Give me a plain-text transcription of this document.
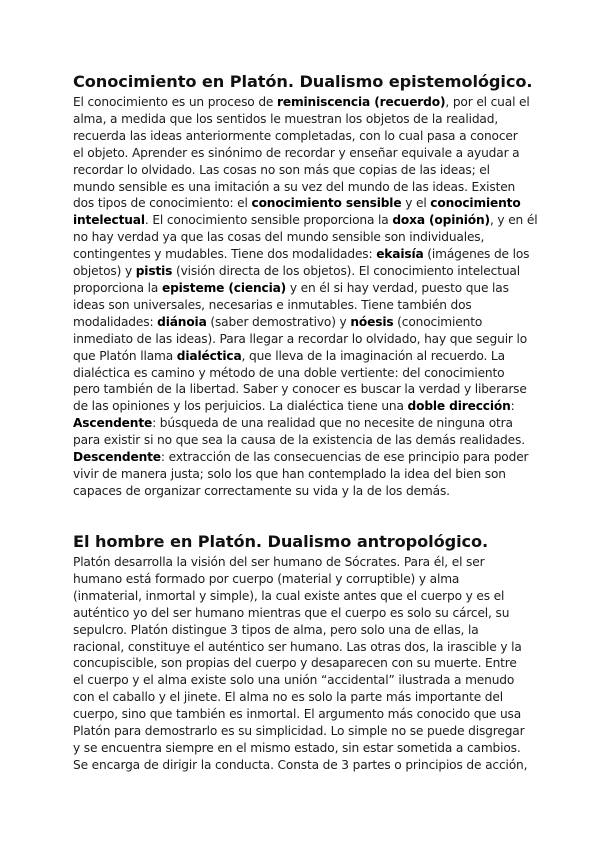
Conocimiento en Platón. Dualismo epistemológico.
El conocimiento es un proceso de reminiscencia (recuerdo), por el cual el
alma, a medida que los sentidos le muestran los objetos de la realidad,
recuerda las ideas anteriormente completadas, con lo cual pasa a conocer
el objeto. Aprender es sinónimo de recordar y enseñar equivale a ayudar a
recordar lo olvidado. Las cosas no son más que copias de las ideas; el
mundo sensible es una imitación a su vez del mundo de las ideas. Existen
dos tipos de conocimiento: el conocimiento sensible y el conocimiento
intelectual. El conocimiento sensible proporciona la doxa (opinión), y en él
no hay verdad ya que las cosas del mundo sensible son individuales,
contingentes y mudables. Tiene dos modalidades: ekaisía (imágenes de los
objetos) y pistis (visión directa de los objetos). El conocimiento intelectual
proporciona la episteme (ciencia) y en él si hay verdad, puesto que las
ideas son universales, necesarias e inmutables. Tiene también dos
modalidades: diánoia (saber demostrativo) y nóesis (conocimiento
inmediato de las ideas). Para llegar a recordar lo olvidado, hay que seguir lo
que Platón llama dialéctica, que lleva de la imaginación al recuerdo. La
dialéctica es camino y método de una doble vertiente: del conocimiento
pero también de la libertad. Saber y conocer es buscar la verdad y liberarse
de las opiniones y los perjuicios. La dialéctica tiene una doble dirección:
Ascendente: búsqueda de una realidad que no necesite de ninguna otra
para existir si no que sea la causa de la existencia de las demás realidades.
Descendente: extracción de las consecuencias de ese principio para poder
vivir de manera justa; solo los que han contemplado la idea del bien son
capaces de organizar correctamente su vida y la de los demás.
El hombre en Platón. Dualismo antropológico.
Platón desarrolla la visión del ser humano de Sócrates. Para él, el ser
humano está formado por cuerpo (material y corruptible) y alma
(inmaterial, inmortal y simple), la cual existe antes que el cuerpo y es el
auténtico yo del ser humano mientras que el cuerpo es solo su cárcel, su
sepulcro. Platón distingue 3 tipos de alma, pero solo una de ellas, la
racional, constituye el auténtico ser humano. Las otras dos, la irascible y la
concupiscible, son propias del cuerpo y desaparecen con su muerte. Entre
el cuerpo y el alma existe solo una unión “accidental” ilustrada a menudo
con el caballo y el jinete. El alma no es solo la parte más importante del
cuerpo, sino que también es inmortal. El argumento más conocido que usa
Platón para demostrarlo es su simplicidad. Lo simple no se puede disgregar
y se encuentra siempre en el mismo estado, sin estar sometida a cambios.
Se encarga de dirigir la conducta. Consta de 3 partes o principios de acción,
